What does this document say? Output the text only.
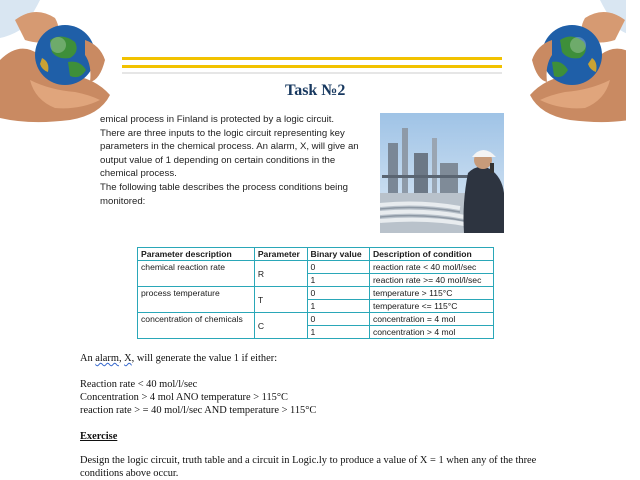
Task №2

emical process in Finland is protected by a logic circuit.

There are three inputs to the logic circuit representing key

parameters in the chemical process. An alarm, X, will give an

output value of 1 depending on certain conditions in the

chemical process.

The following table describes the process conditions being

monitored:

Parameter description	Parameter	Binary value	Description of condition
chemical reaction rate	R	0	reaction rate < 40 mol/l/sec
		1	reaction rate >= 40 mol/l/sec
process temperature	T	0	temperature > 115°C
		1	temperature <= 115°C
concentration of chemicals	C	0	concentration = 4 mol
		1	concentration > 4 mol
An alarm, X, will generate the value 1 if either:
Reaction rate < 40 mol/l/sec
Concentration > 4 mol ANO temperature > 115°C
reaction rate > = 40 mol/l/sec AND temperature > 115°C
Exercise
Design the logic circuit, truth table and a circuit in Logic.ly to produce a value of X = 1 when any of the three conditions above occur.
